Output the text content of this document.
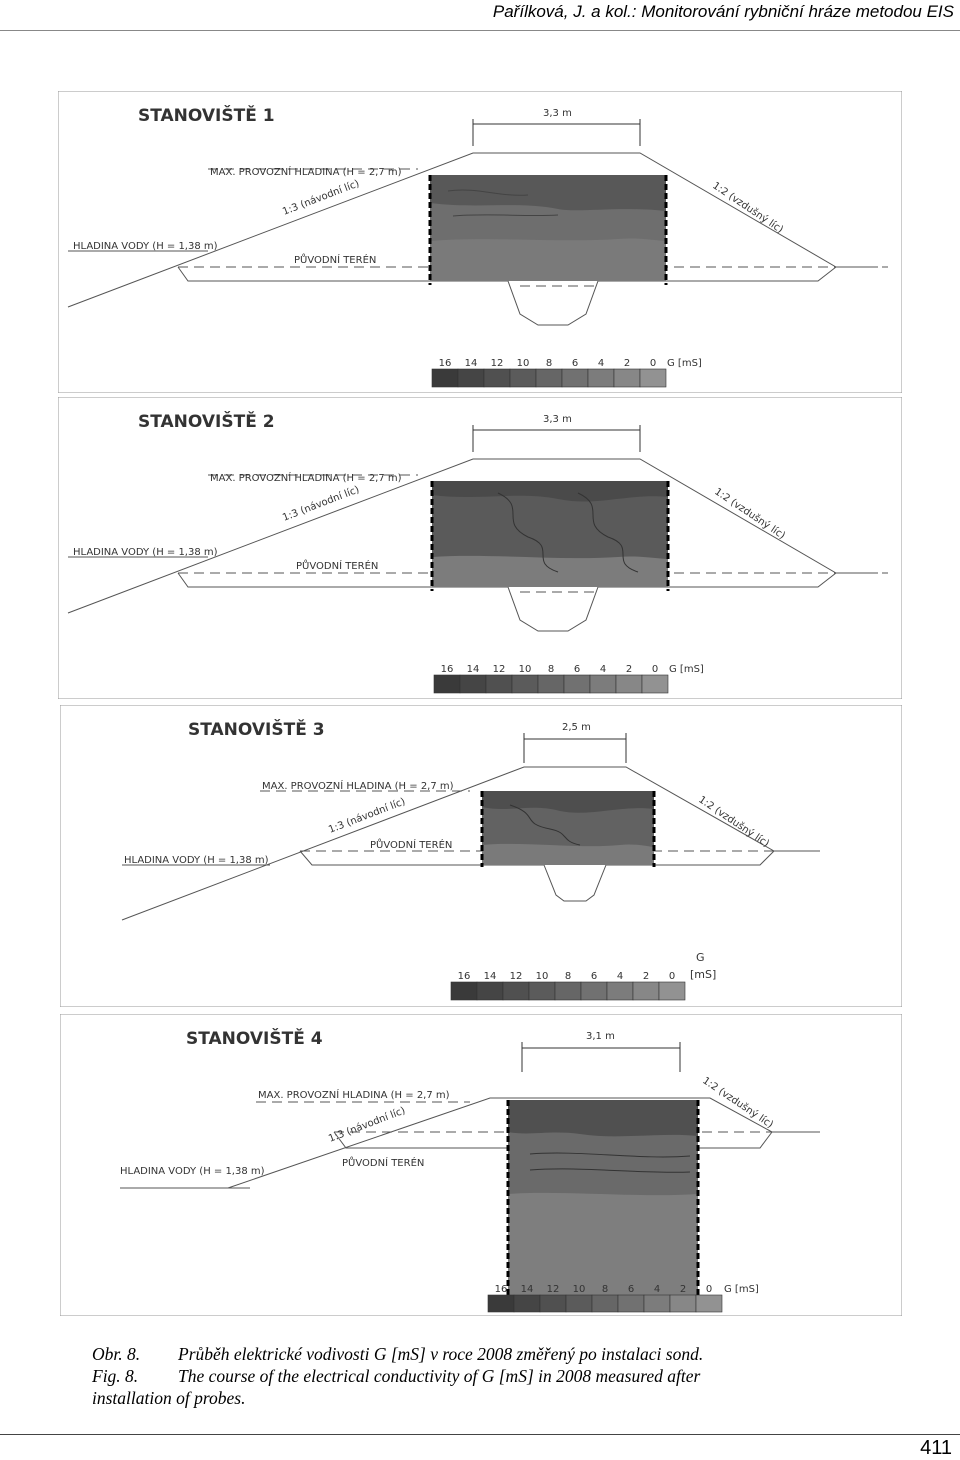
Pařílková, J. a kol.: Monitorování rybniční hráze metodou EIS
STANOVIŠTĚ 1	3,3 m
MAX. PROVOZNÍ HLADINA (H = 2,7 m)
HLADINA VODY (H = 1,38 m)
PŮVODNÍ TERÉN
1:3 (návodní líc)	1:2 (vzdušný líc)
16 14 12 10 8 6 4 2 0 G [mS]
STANOVIŠTĚ 2	3,3 m
MAX. PROVOZNÍ HLADINA (H = 2,7 m)
HLADINA VODY (H = 1,38 m)
PŮVODNÍ TERÉN
1:3 (návodní líc)	1:2 (vzdušný líc)
16 14 12 10 8 6 4 2 0 G [mS]
STANOVIŠTĚ 3	2,5 m
MAX. PROVOZNÍ HLADINA (H = 2,7 m)
HLADINA VODY (H = 1,38 m)
PŮVODNÍ TERÉN
1:3 (návodní líc)	1:2 (vzdušný líc)
16 14 12 10 8 6 4 2 0
G
[mS]
STANOVIŠTĚ 4	3,1 m
MAX. PROVOZNÍ HLADINA (H = 2,7 m)
HLADINA VODY (H = 1,38 m)
PŮVODNÍ TERÉN
1:3 (návodní líc)	1:2 (vzdušný líc)
16 14 12 10 8 6 4 2 0 G [mS]
Obr. 8. Průběh elektrické vodivosti G [mS] v roce 2008 změřený po instalaci sond.
Fig. 8. The course of the electrical conductivity of G [mS] in 2008 measured after
installation of probes.
411
